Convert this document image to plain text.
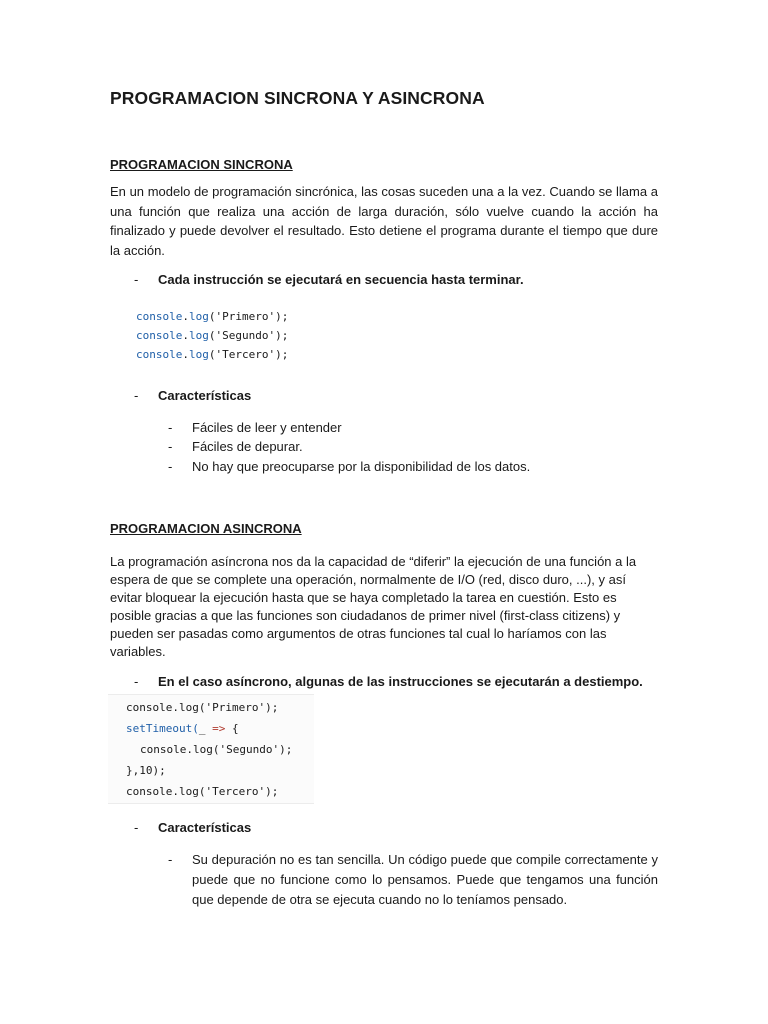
PROGRAMACION SINCRONA Y ASINCRONA
PROGRAMACION SINCRONA
En un modelo de programación sincrónica, las cosas suceden una a la vez. Cuando se llama a una función que realiza una acción de larga duración, sólo vuelve cuando la acción ha finalizado y puede devolver el resultado. Esto detiene el programa durante el tiempo que dure la acción.
- Cada instrucción se ejecutará en secuencia hasta terminar.
console.log('Primero');
console.log('Segundo');
console.log('Tercero');
- Características
- Fáciles de leer y entender
- Fáciles de depurar.
- No hay que preocuparse por la disponibilidad de los datos.
PROGRAMACION ASINCRONA
La programación asíncrona nos da la capacidad de “diferir” la ejecución de una función a la espera de que se complete una operación, normalmente de I/O (red, disco duro, ...), y así evitar bloquear la ejecución hasta que se haya completado la tarea en cuestión. Esto es posible gracias a que las funciones son ciudadanos de primer nivel (first-class citizens) y pueden ser pasadas como argumentos de otras funciones tal cual lo haríamos con las variables.
- En el caso asíncrono, algunas de las instrucciones se ejecutarán a destiempo.
console.log('Primero');
setTimeout(_ => {
console.log('Segundo');
},10);
console.log('Tercero');
- Características
- Su depuración no es tan sencilla. Un código puede que compile correctamente y puede que no funcione como lo pensamos. Puede que tengamos una función que depende de otra se ejecuta cuando no lo teníamos pensado.
